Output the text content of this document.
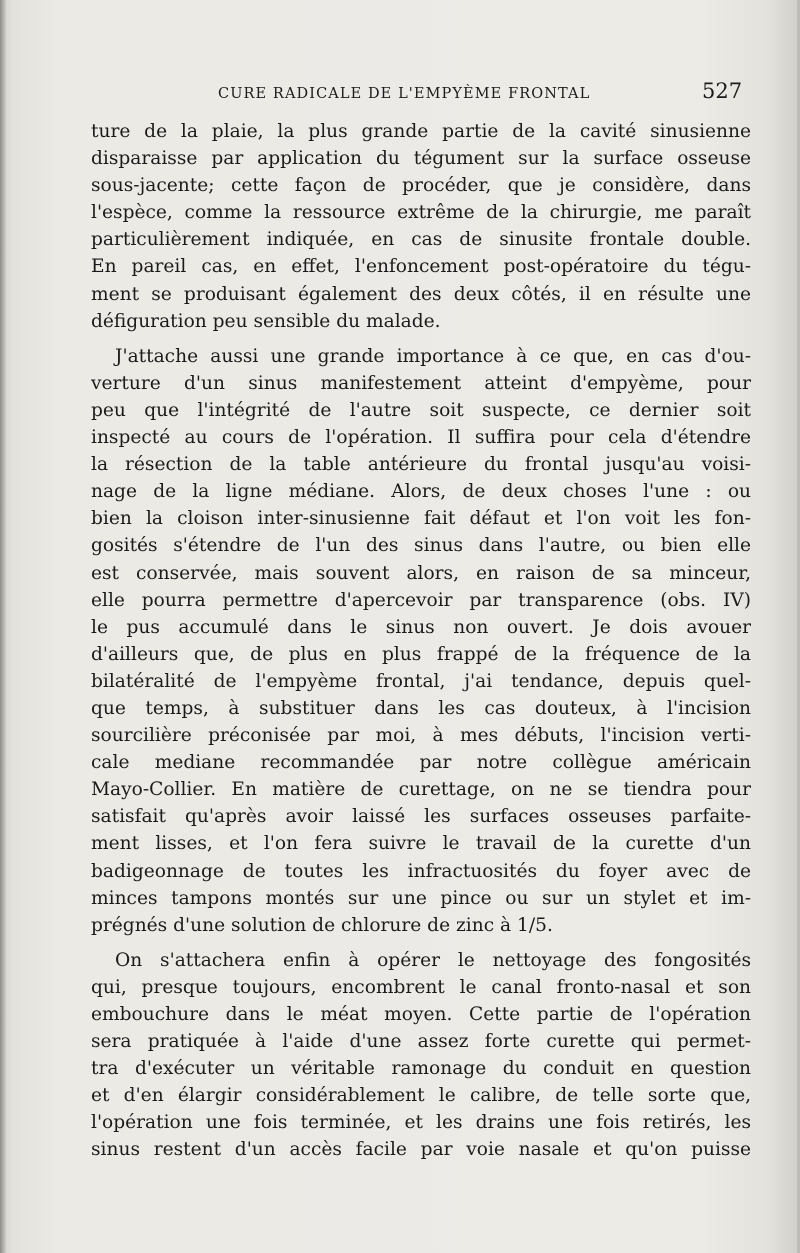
CURE RADICALE DE L'EMPYÈME FRONTAL	527
ture de la plaie, la plus grande partie de la cavité sinusienne
disparaisse par application du tégument sur la surface osseuse
sous-jacente; cette façon de procéder, que je considère, dans
l'espèce, comme la ressource extrême de la chirurgie, me paraît
particulièrement indiquée, en cas de sinusite frontale double.
En pareil cas, en effet, l'enfoncement post-opératoire du tégu-
ment se produisant également des deux côtés, il en résulte une
défiguration peu sensible du malade.
J'attache aussi une grande importance à ce que, en cas d'ou-
verture d'un sinus manifestement atteint d'empyème, pour
peu que l'intégrité de l'autre soit suspecte, ce dernier soit
inspecté au cours de l'opération. Il suffira pour cela d'étendre
la résection de la table antérieure du frontal jusqu'au voisi-
nage de la ligne médiane. Alors, de deux choses l'une : ou
bien la cloison inter-sinusienne fait défaut et l'on voit les fon-
gosités s'étendre de l'un des sinus dans l'autre, ou bien elle
est conservée, mais souvent alors, en raison de sa minceur,
elle pourra permettre d'apercevoir par transparence (obs. IV)
le pus accumulé dans le sinus non ouvert. Je dois avouer
d'ailleurs que, de plus en plus frappé de la fréquence de la
bilatéralité de l'empyème frontal, j'ai tendance, depuis quel-
que temps, à substituer dans les cas douteux, à l'incision
sourcilière préconisée par moi, à mes débuts, l'incision verti-
cale mediane recommandée par notre collègue américain
Mayo-Collier. En matière de curettage, on ne se tiendra pour
satisfait qu'après avoir laissé les surfaces osseuses parfaite-
ment lisses, et l'on fera suivre le travail de la curette d'un
badigeonnage de toutes les infractuosités du foyer avec de
minces tampons montés sur une pince ou sur un stylet et im-
prégnés d'une solution de chlorure de zinc à 1/5.
On s'attachera enfin à opérer le nettoyage des fongosités
qui, presque toujours, encombrent le canal fronto-nasal et son
embouchure dans le méat moyen. Cette partie de l'opération
sera pratiquée à l'aide d'une assez forte curette qui permet-
tra d'exécuter un véritable ramonage du conduit en question
et d'en élargir considérablement le calibre, de telle sorte que,
l'opération une fois terminée, et les drains une fois retirés, les
sinus restent d'un accès facile par voie nasale et qu'on puisse
